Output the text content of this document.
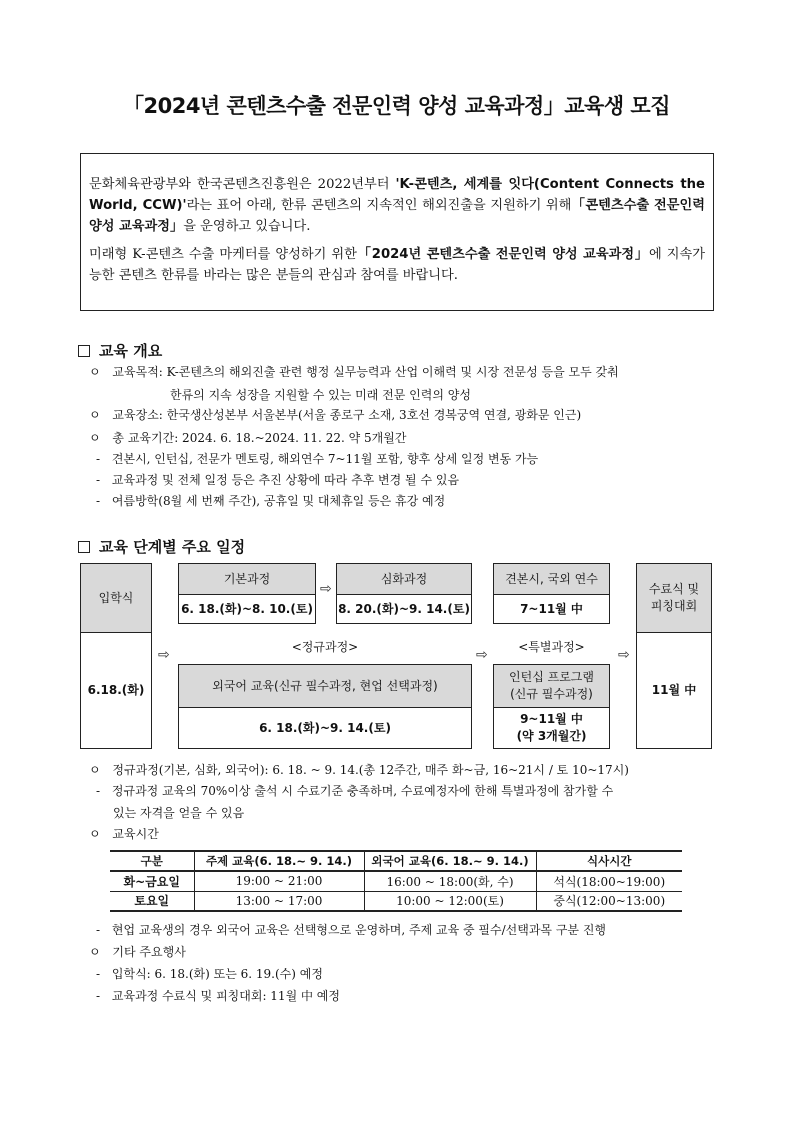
「2024년 콘텐츠수출 전문인력 양성 교육과정」교육생 모집

문화체육관광부와 한국콘텐츠진흥원은 2022년부터 'K-콘텐츠, 세계를 잇다(Content Connects the World, CCW)'라는 표어 아래, 한류 콘텐츠의 지속적인 해외진출을 지원하기 위해「콘텐츠수출 전문인력 양성 교육과정」을 운영하고 있습니다.

미래형 K-콘텐츠 수출 마케터를 양성하기 위한「2024년 콘텐츠수출 전문인력 양성 교육과정」에 지속가능한 콘텐츠 한류를 바라는 많은 분들의 관심과 참여를 바랍니다.

교육 개요
ㅇ 교육목적: K-콘텐츠의 해외진출 관련 행정 실무능력과 산업 이해력 및 시장 전문성 등을 모두 갖춰
한류의 지속 성장을 지원할 수 있는 미래 전문 인력의 양성
ㅇ 교육장소: 한국생산성본부 서울본부(서울 종로구 소재, 3호선 경복궁역 연결, 광화문 인근)
ㅇ 총 교육기간: 2024. 6. 18.~2024. 11. 22. 약 5개월간
- 견본시, 인턴십, 전문가 멘토링, 해외연수 7~11월 포함, 향후 상세 일정 변동 가능
- 교육과정 및 전체 일정 등은 추진 상황에 따라 추후 변경 될 수 있음
- 여름방학(8월 세 번째 주간), 공휴일 및 대체휴일 등은 휴강 예정
교육 단계별 주요 일정
입학식
6.18.(화)
기본과정
6. 18.(화)~8. 10.(토)
⇨
심화과정
8. 20.(화)~9. 14.(토)
견본시, 국외 연수
7~11월 中
수료식 및 피칭대회
11월 中
<정규과정>	<특별과정>
⇨	⇨	⇨
외국어 교육(신규 필수과정, 현업 선택과정)
6. 18.(화)~9. 14.(토)
인턴십 프로그램
(신규 필수과정)
9~11월 中
(약 3개월간)
ㅇ 정규과정(기본, 심화, 외국어): 6. 18. ~ 9. 14.(총 12주간, 매주 화~금, 16~21시 / 토 10~17시)
- 정규과정 교육의 70%이상 출석 시 수료기준 충족하며, 수료예정자에 한해 특별과정에 참가할 수
있는 자격을 얻을 수 있음
ㅇ 교육시간
구분	주제 교육(6. 18.~ 9. 14.)	외국어 교육(6. 18.~ 9. 14.)	식사시간
화~금요일	19:00 ~ 21:00	16:00 ~ 18:00(화, 수)	석식(18:00~19:00)
토요일	13:00 ~ 17:00	10:00 ~ 12:00(토)	중식(12:00~13:00)
- 현업 교육생의 경우 외국어 교육은 선택형으로 운영하며, 주제 교육 중 필수/선택과목 구분 진행
ㅇ 기타 주요행사
- 입학식: 6. 18.(화) 또는 6. 19.(수) 예정
- 교육과정 수료식 및 피칭대회: 11월 中 예정
